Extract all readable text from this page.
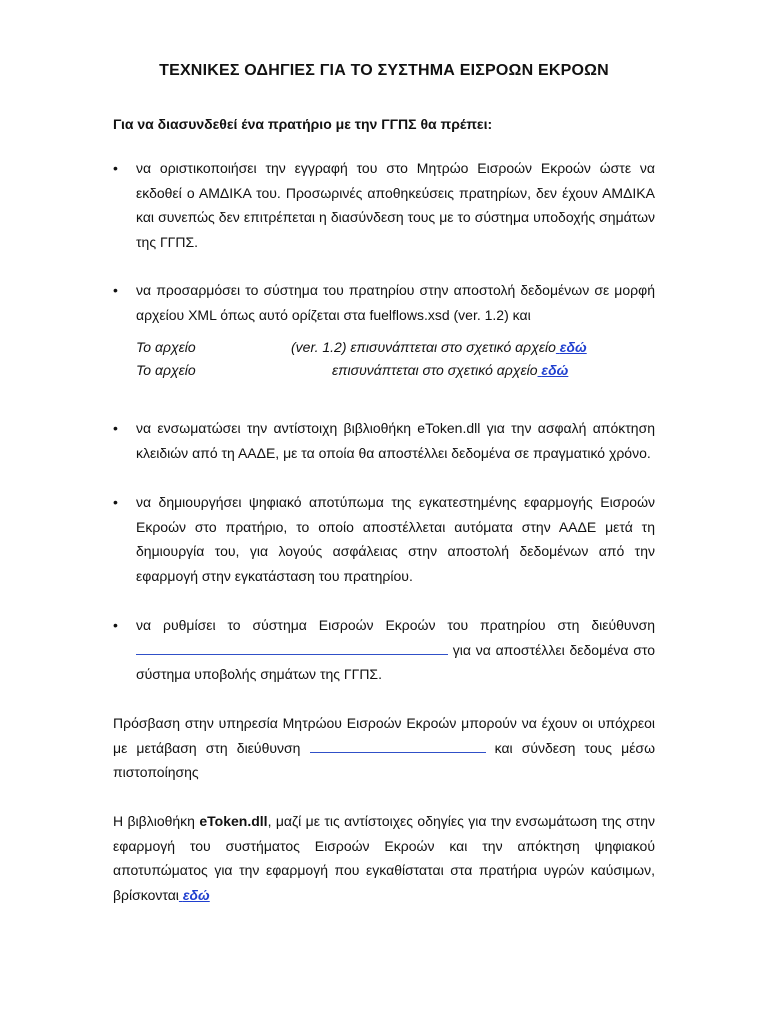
ΤΕΧΝΙΚΕΣ ΟΔΗΓΙΕΣ ΓΙΑ ΤΟ ΣΥΣΤΗΜΑ ΕΙΣΡΟΩΝ ΕΚΡΟΩΝ
Για να διασυνδεθεί ένα πρατήριο με την ΓΓΠΣ θα πρέπει:
• να οριστικοποιήσει την εγγραφή του στο Μητρώο Εισροών Εκροών ώστε να εκδοθεί ο ΑΜΔΙΚΑ του. Προσωρινές αποθηκεύσεις πρατηρίων, δεν έχουν ΑΜΔΙΚΑ και συνεπώς δεν επιτρέπεται η διασύνδεση τους με το σύστημα υποδοχής σημάτων της ΓΓΠΣ.
• να προσαρμόσει το σύστημα του πρατηρίου στην αποστολή δεδομένων σε μορφή αρχείου XML όπως αυτό ορίζεται στα fuelflows.xsd (ver. 1.2) και
Το αρχείο	(ver. 1.2) επισυνάπτεται στο σχετικό αρχείο εδώ
Το αρχείο	επισυνάπτεται στο σχετικό αρχείο εδώ
• να ενσωματώσει την αντίστοιχη βιβλιοθήκη eToken.dll για την ασφαλή απόκτηση κλειδιών από τη ΑΑΔΕ, με τα οποία θα αποστέλλει δεδομένα σε πραγματικό χρόνο.
• να δημιουργήσει ψηφιακό αποτύπωμα της εγκατεστημένης εφαρμογής Εισροών Εκροών στο πρατήριο, το οποίο αποστέλλεται αυτόματα στην ΑΑΔΕ μετά τη δημιουργία του, για λογούς ασφάλειας στην αποστολή δεδομένων από την εφαρμογή στην εγκατάσταση του πρατηρίου.
• να ρυθμίσει το σύστημα Εισροών Εκροών του πρατηρίου στη διεύθυνση  για να αποστέλλει δεδομένα στο σύστημα υποβολής σημάτων της ΓΓΠΣ.
Πρόσβαση στην υπηρεσία Μητρώου Εισροών Εκροών μπορούν να έχουν οι υπόχρεοι με μετάβαση στη διεύθυνση	και σύνδεση τους μέσω πιστοποίησης
Η βιβλιοθήκη eToken.dll, μαζί με τις αντίστοιχες οδηγίες για την ενσωμάτωση της στην εφαρμογή του συστήματος Εισροών Εκροών και την απόκτηση ψηφιακού αποτυπώματος για την εφαρμογή που εγκαθίσταται στα πρατήρια υγρών καύσιμων, βρίσκονται εδώ
